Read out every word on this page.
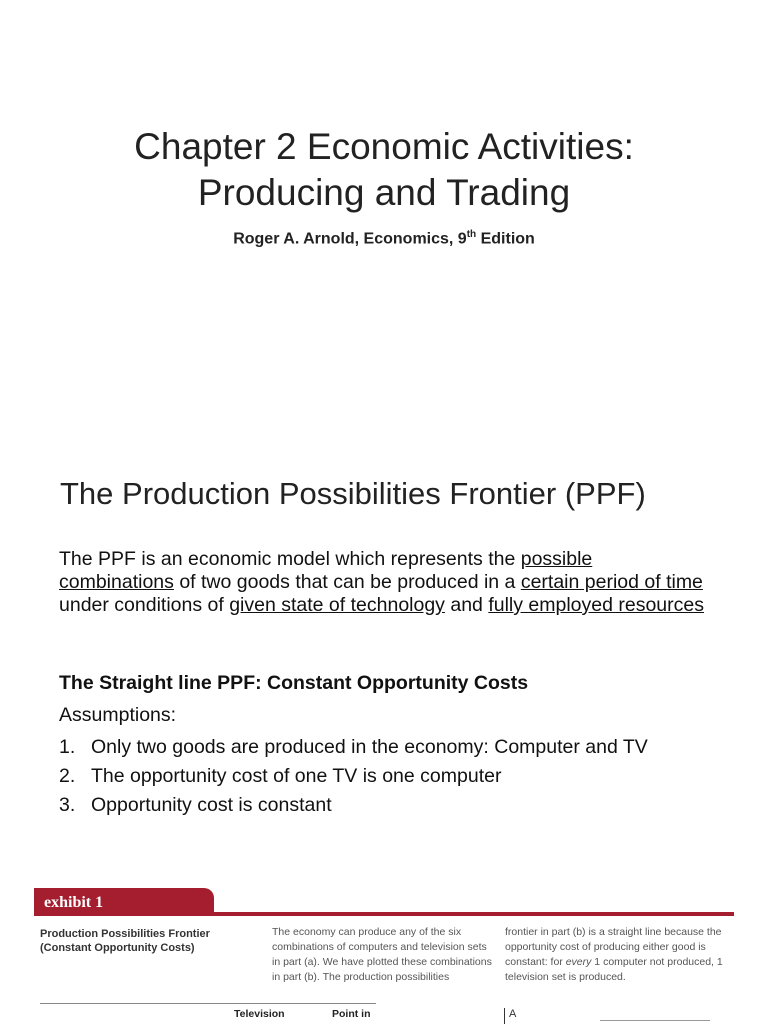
Chapter 2 Economic Activities:
Producing and Trading
Roger A. Arnold, Economics, 9th Edition
The Production Possibilities Frontier (PPF)
The PPF is an economic model which represents the possible combinations of two goods that can be produced in a certain period of time under conditions of given state of technology and fully employed resources
The Straight line PPF: Constant Opportunity Costs
Assumptions:
1. Only two goods are produced in the economy: Computer and TV
2. The opportunity cost of one TV is one computer
3. Opportunity cost is constant
exhibit 1
Production Possibilities Frontier
(Constant Opportunity Costs)
The economy can produce any of the six combinations of computers and television sets in part (a). We have plotted these combinations in part (b). The production possibilities
frontier in part (b) is a straight line because the opportunity cost of producing either good is constant: for every 1 computer not produced, 1 television set is produced.
Television	Point in	A
